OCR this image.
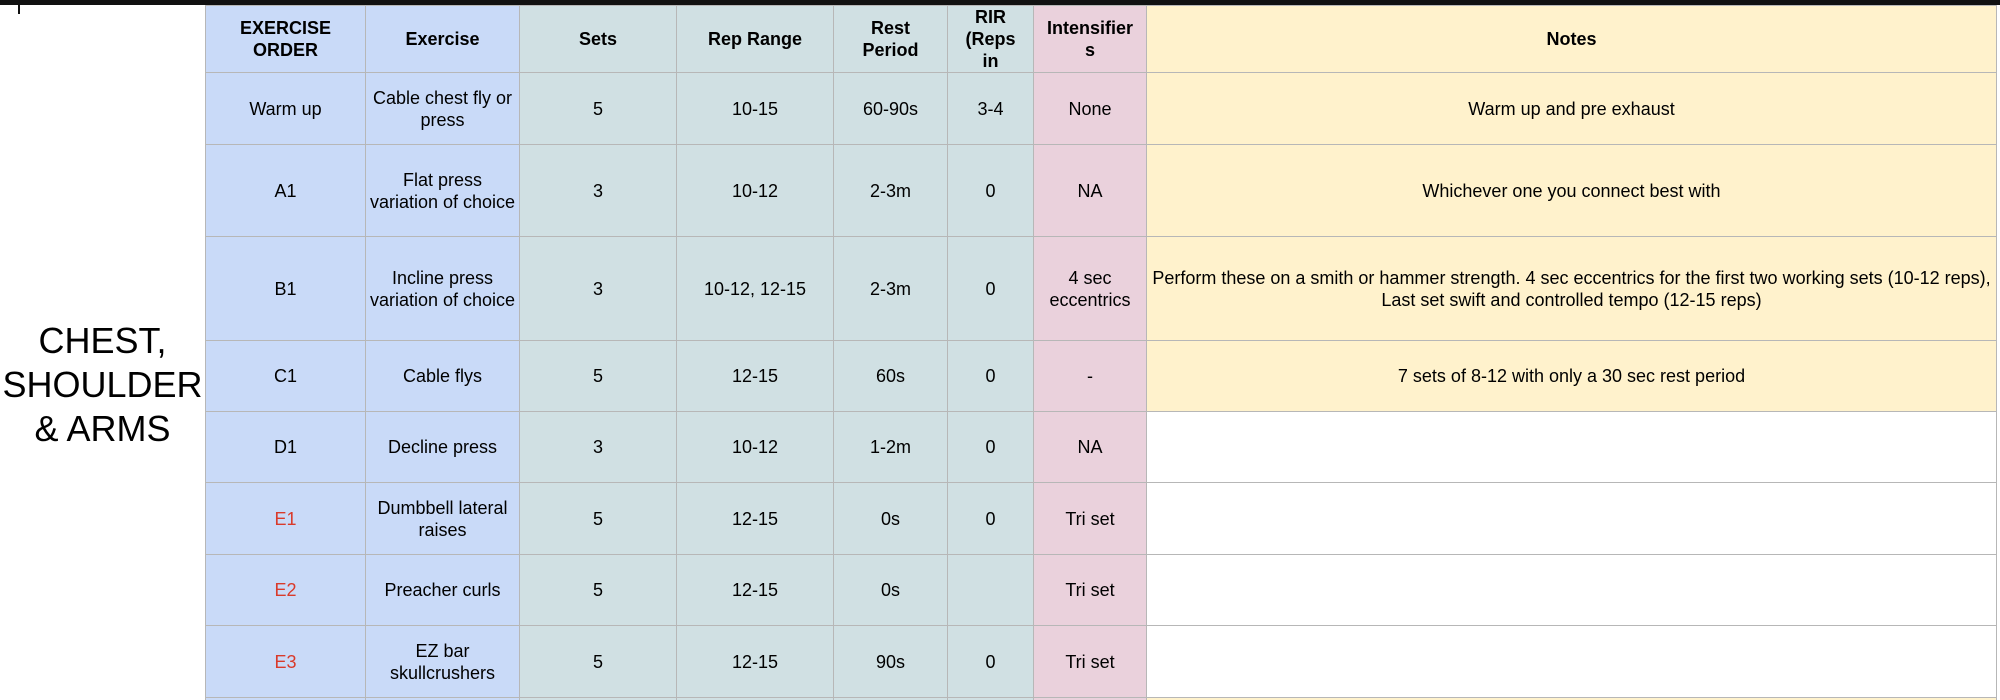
CHEST, SHOULDER & ARMS
EXERCISE ORDER	Exercise	Sets	Rep Range	Rest Period	RIR (Reps in	Intensifiers	Notes
Warm up	Cable chest fly or press	5	10-15	60-90s	3-4	None	Warm up and pre exhaust
A1	Flat press variation of choice	3	10-12	2-3m	0	NA	Whichever one you connect best with
B1	Incline press variation of choice	3	10-12, 12-15	2-3m	0	4 sec eccentrics	Perform these on a smith or hammer strength. 4 sec eccentrics for the first two working sets (10-12 reps), Last set swift and controlled tempo (12-15 reps)
C1	Cable flys	5	12-15	60s	0	-	7 sets of 8-12 with only a 30 sec rest period
D1	Decline press	3	10-12	1-2m	0	NA	
E1	Dumbbell lateral raises	5	12-15	0s	0	Tri set	
E2	Preacher curls	5	12-15	0s		Tri set	
E3	EZ bar skullcrushers	5	12-15	90s	0	Tri set	
